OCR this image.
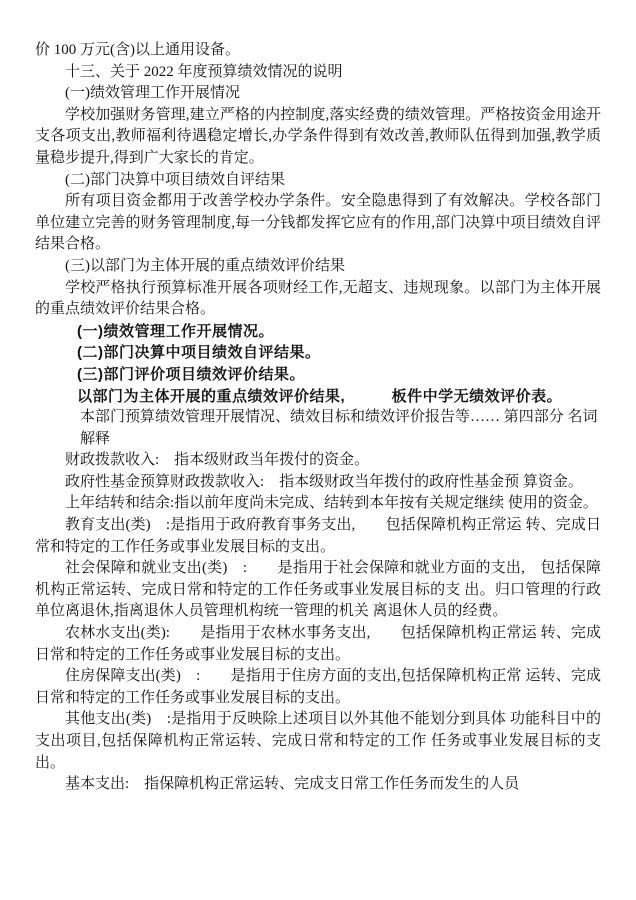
价 100 万元(含)以上通用设备。

十三、关于 2022 年度预算绩效情况的说明

(一)绩效管理工作开展情况

学校加强财务管理,建立严格的内控制度,落实经费的绩效管理。严格按资金用途开支各项支出,教师福利待遇稳定增长,办学条件得到有效改善,教师队伍得到加强,教学质量稳步提升,得到广大家长的肯定。

(二)部门决算中项目绩效自评结果

所有项目资金都用于改善学校办学条件。安全隐患得到了有效解决。学校各部门单位建立完善的财务管理制度,每一分钱都发挥它应有的作用,部门决算中项目绩效自评结果合格。

(三)以部门为主体开展的重点绩效评价结果

学校严格执行预算标准开展各项财经工作,无超支、违规现象。以部门为主体开展的重点绩效评价结果合格。

(一)绩效管理工作开展情况。

(二)部门决算中项目绩效自评结果。

(三)部门评价项目绩效评价结果。

以部门为主体开展的重点绩效评价结果,　　　板件中学无绩效评价表。

本部门预算绩效管理开展情况、绩效目标和绩效评价报告等…… 第四部分 名词解释

财政拨款收入:　指本级财政当年拨付的资金。

政府性基金预算财政拨款收入:　指本级财政当年拨付的政府性基金预 算资金。

上年结转和结余:指以前年度尚未完成、结转到本年按有关规定继续 使用的资金。

教育支出(类)　:是指用于政府教育事务支出,　　包括保障机构正常运 转、完成日常和特定的工作任务或事业发展目标的支出。

社会保障和就业支出(类)　:　　是指用于社会保障和就业方面的支出,　包括保障机构正常运转、完成日常和特定的工作任务或事业发展目标的支 出。归口管理的行政单位离退休,指离退休人员管理机构统一管理的机关 离退休人员的经费。

农林水支出(类):　　是指用于农林水事务支出,　　包括保障机构正常运 转、完成日常和特定的工作任务或事业发展目标的支出。

住房保障支出(类)　:　　是指用于住房方面的支出,包括保障机构正常 运转、完成日常和特定的工作任务或事业发展目标的支出。

其他支出(类)　:是指用于反映除上述项目以外其他不能划分到具体 功能科目中的支出项目,包括保障机构正常运转、完成日常和特定的工作 任务或事业发展目标的支出。

基本支出:　指保障机构正常运转、完成支日常工作任务而发生的人员
